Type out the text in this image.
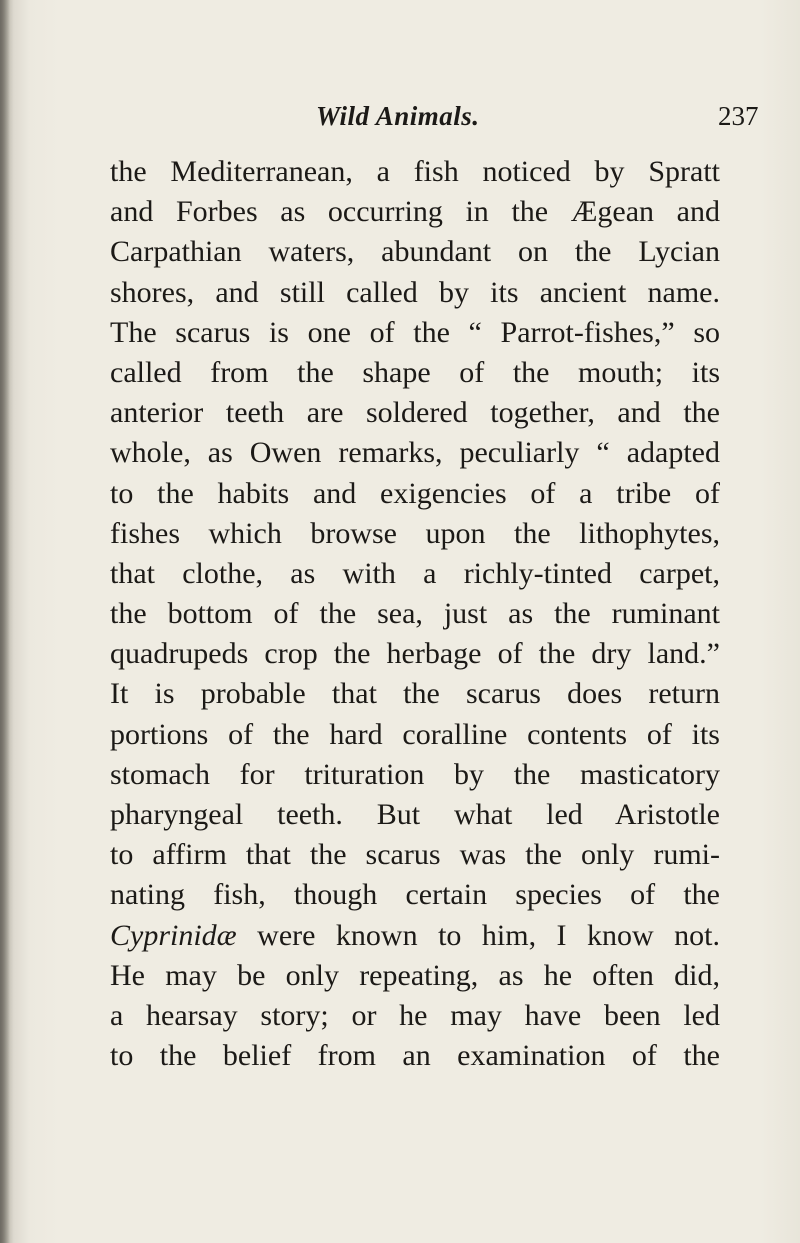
Wild Animals.	237
the Mediterranean, a fish noticed by Spratt
and Forbes as occurring in the Ægean and
Carpathian waters, abundant on the Lycian
shores, and still called by its ancient name.
The scarus is one of the “ Parrot-fishes,” so
called from the shape of the mouth; its
anterior teeth are soldered together, and the
whole, as Owen remarks, peculiarly “ adapted
to the habits and exigencies of a tribe of
fishes which browse upon the lithophytes,
that clothe, as with a richly-tinted carpet,
the bottom of the sea, just as the ruminant
quadrupeds crop the herbage of the dry land.”
It is probable that the scarus does return
portions of the hard coralline contents of its
stomach for trituration by the masticatory
pharyngeal teeth. But what led Aristotle
to affirm that the scarus was the only rumi-
nating fish, though certain species of the
Cyprinidæ were known to him, I know not.
He may be only repeating, as he often did,
a hearsay story; or he may have been led
to the belief from an examination of the
